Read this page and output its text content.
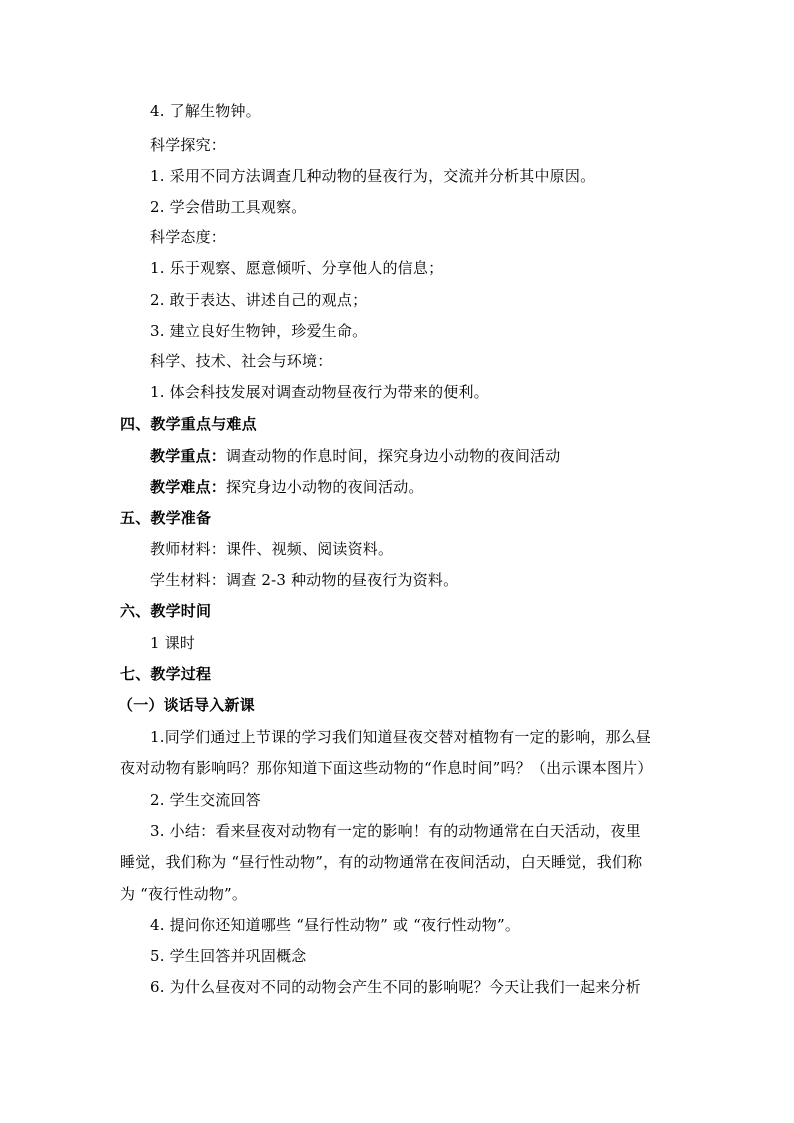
4. 了解生物钟。
科学探究：
1. 采用不同方法调查几种动物的昼夜行为，交流并分析其中原因。
2. 学会借助工具观察。
科学态度：
1. 乐于观察、愿意倾听、分享他人的信息；
2. 敢于表达、讲述自己的观点；
3. 建立良好生物钟，珍爱生命。
科学、技术、社会与环境：
1. 体会科技发展对调查动物昼夜行为带来的便利。
四、教学重点与难点
教学重点：调查动物的作息时间，探究身边小动物的夜间活动
教学难点：探究身边小动物的夜间活动。
五、教学准备
教师材料：课件、视频、阅读资料。
学生材料：调查 2-3 种动物的昼夜行为资料。
六、教学时间
1 课时
七、教学过程
（一）谈话导入新课
1.同学们通过上节课的学习我们知道昼夜交替对植物有一定的影响，那么昼
夜对动物有影响吗？那你知道下面这些动物的“作息时间”吗？（出示课本图片）
2. 学生交流回答
3. 小结：看来昼夜对动物有一定的影响！有的动物通常在白天活动，夜里
睡觉，我们称为 “昼行性动物”，有的动物通常在夜间活动，白天睡觉，我们称
为 “夜行性动物”。
4. 提问你还知道哪些 “昼行性动物” 或 “夜行性动物”。
5. 学生回答并巩固概念
6. 为什么昼夜对不同的动物会产生不同的影响呢？今天让我们一起来分析
